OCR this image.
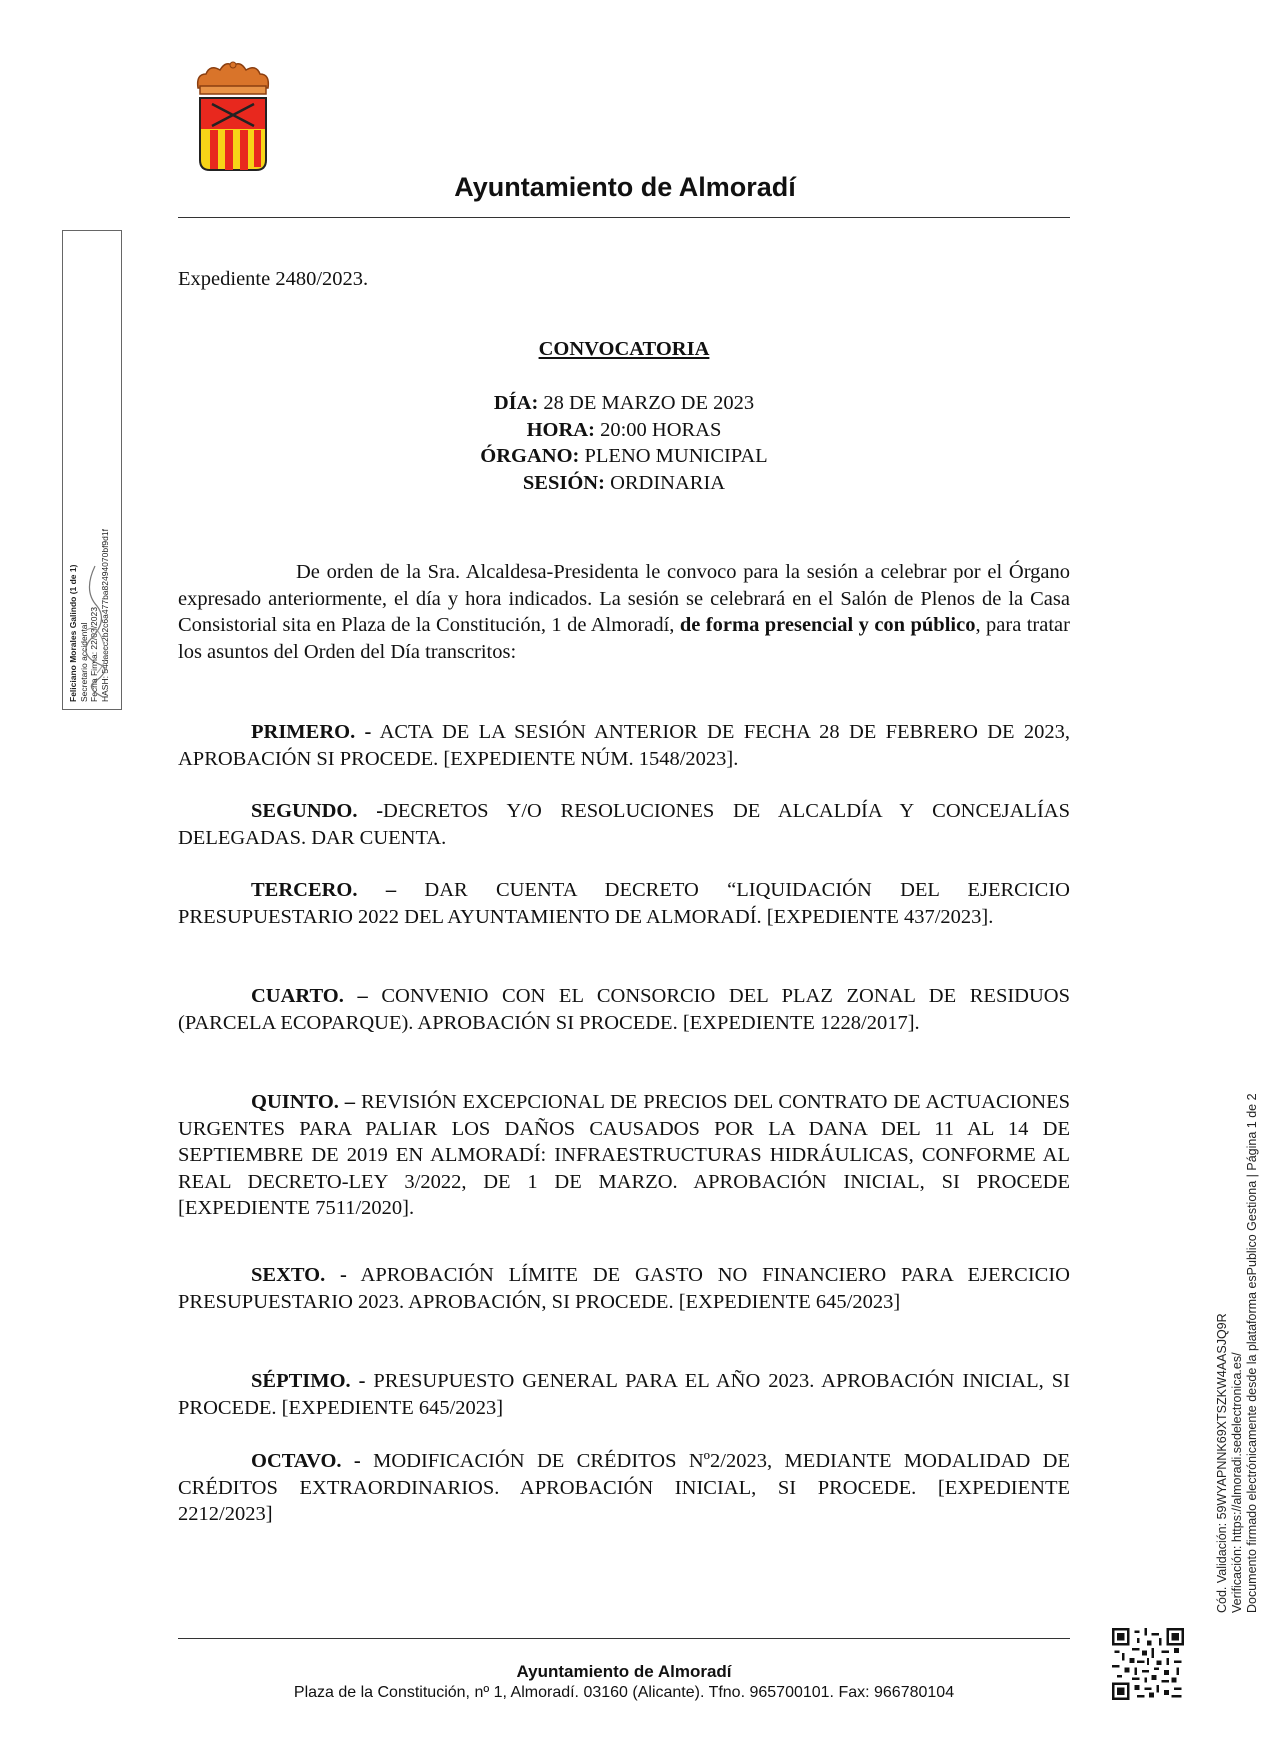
Ayuntamiento de Almoradí
Feliciano Morales Galindo (1 de 1) Secretario accidental Fecha Firma: 22/03/2023 HASH: 54daccc2b2c6a477ba82494070bf9d1f
Cód. Validación: 59WYAPNNK69XTSZKW4AASJQ9R Verificación: https://almoradi.sedelectronica.es/ Documento firmado electrónicamente desde la plataforma esPublico Gestiona | Página 1 de 2
Expediente 2480/2023.
CONVOCATORIA
DÍA: 28 DE MARZO DE 2023
HORA: 20:00 HORAS
ÓRGANO: PLENO MUNICIPAL
SESIÓN: ORDINARIA
De orden de la Sra. Alcaldesa-Presidenta le convoco para la sesión a celebrar por el Órgano expresado anteriormente, el día y hora indicados. La sesión se celebrará en el Salón de Plenos de la Casa Consistorial sita en Plaza de la Constitución, 1 de Almoradí, de forma presencial y con público, para tratar los asuntos del Orden del Día transcritos:
PRIMERO. - ACTA DE LA SESIÓN ANTERIOR DE FECHA 28 DE FEBRERO DE 2023, APROBACIÓN SI PROCEDE. [EXPEDIENTE NÚM. 1548/2023].
SEGUNDO. -DECRETOS Y/O RESOLUCIONES DE ALCALDÍA Y CONCEJALÍAS DELEGADAS. DAR CUENTA.
TERCERO. – DAR CUENTA DECRETO “LIQUIDACIÓN DEL EJERCICIO PRESUPUESTARIO 2022 DEL AYUNTAMIENTO DE ALMORADÍ. [EXPEDIENTE 437/2023].
CUARTO. – CONVENIO CON EL CONSORCIO DEL PLAZ ZONAL DE RESIDUOS (PARCELA ECOPARQUE). APROBACIÓN SI PROCEDE. [EXPEDIENTE 1228/2017].
QUINTO. – REVISIÓN EXCEPCIONAL DE PRECIOS DEL CONTRATO DE ACTUACIONES URGENTES PARA PALIAR LOS DAÑOS CAUSADOS POR LA DANA DEL 11 AL 14 DE SEPTIEMBRE DE 2019 EN ALMORADÍ: INFRAESTRUCTURAS HIDRÁULICAS, CONFORME AL REAL DECRETO-LEY 3/2022, DE 1 DE MARZO. APROBACIÓN INICIAL, SI PROCEDE [EXPEDIENTE 7511/2020].
SEXTO. - APROBACIÓN LÍMITE DE GASTO NO FINANCIERO PARA EJERCICIO PRESUPUESTARIO 2023. APROBACIÓN, SI PROCEDE. [EXPEDIENTE 645/2023]
SÉPTIMO. - PRESUPUESTO GENERAL PARA EL AÑO 2023. APROBACIÓN INICIAL, SI PROCEDE. [EXPEDIENTE 645/2023]
OCTAVO. - MODIFICACIÓN DE CRÉDITOS Nº2/2023, MEDIANTE MODALIDAD DE CRÉDITOS EXTRAORDINARIOS. APROBACIÓN INICIAL, SI PROCEDE. [EXPEDIENTE 2212/2023]
Ayuntamiento de Almoradí
Plaza de la Constitución, nº 1, Almoradí. 03160 (Alicante). Tfno. 965700101. Fax: 966780104
